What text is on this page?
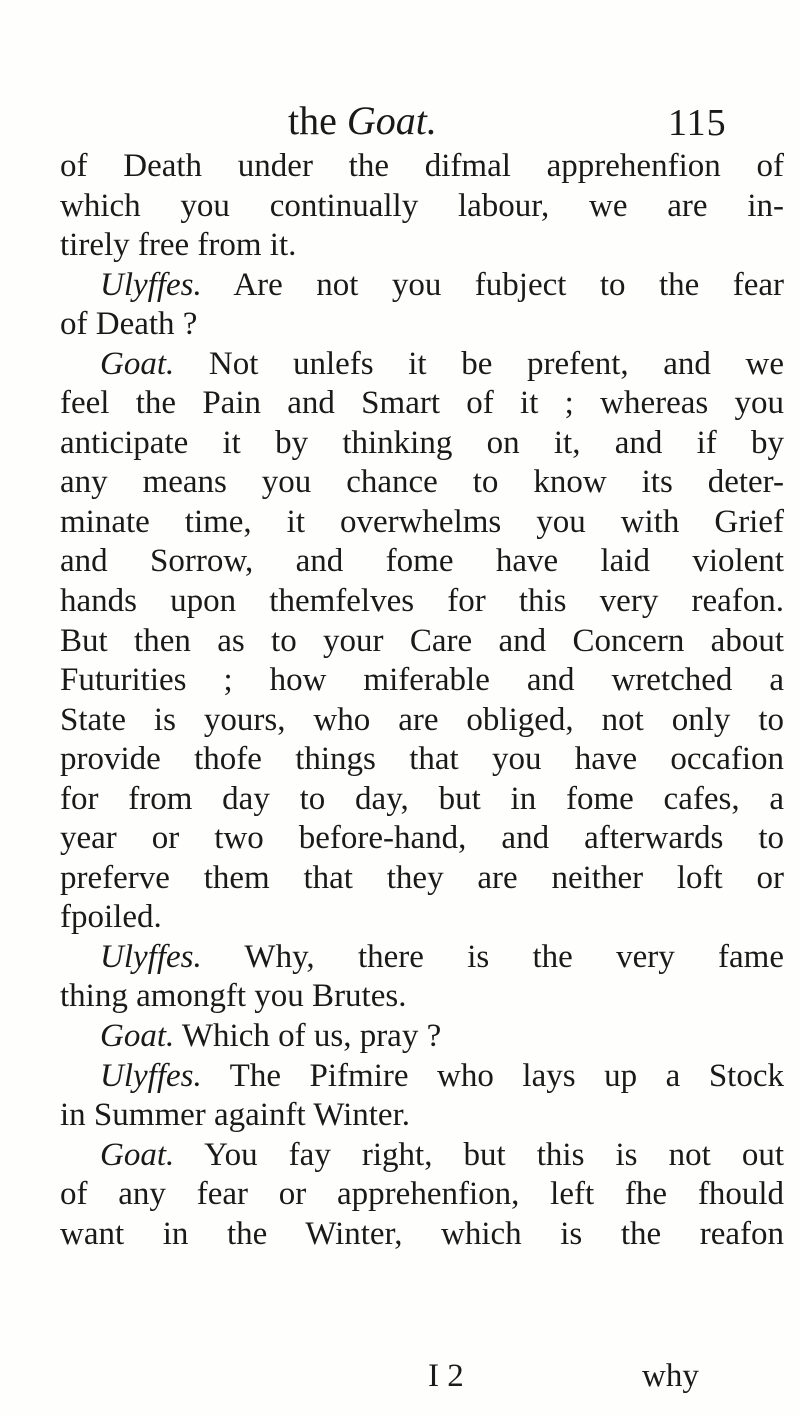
the Goat.	115
of Death under the difmal apprehenfion of
which you continually labour, we are in-
tirely free from it.
Ulyffes. Are not you fubject to the fear
of Death ?
Goat. Not unlefs it be prefent, and we
feel the Pain and Smart of it ; whereas you
anticipate it by thinking on it, and if by
any means you chance to know its deter-
minate time, it overwhelms you with Grief
and Sorrow, and fome have laid violent
hands upon themfelves for this very reafon.
But then as to your Care and Concern about
Futurities ; how miferable and wretched a
State is yours, who are obliged, not only to
provide thofe things that you have occafion
for from day to day, but in fome cafes, a
year or two before-hand, and afterwards to
preferve them that they are neither loft or
fpoiled.
Ulyffes. Why, there is the very fame
thing amongft you Brutes.
Goat. Which of us, pray ?
Ulyffes. The Pifmire who lays up a Stock
in Summer againft Winter.
Goat. You fay right, but this is not out
of any fear or apprehenfion, left fhe fhould
want in the Winter, which is the reafon
I 2	why
